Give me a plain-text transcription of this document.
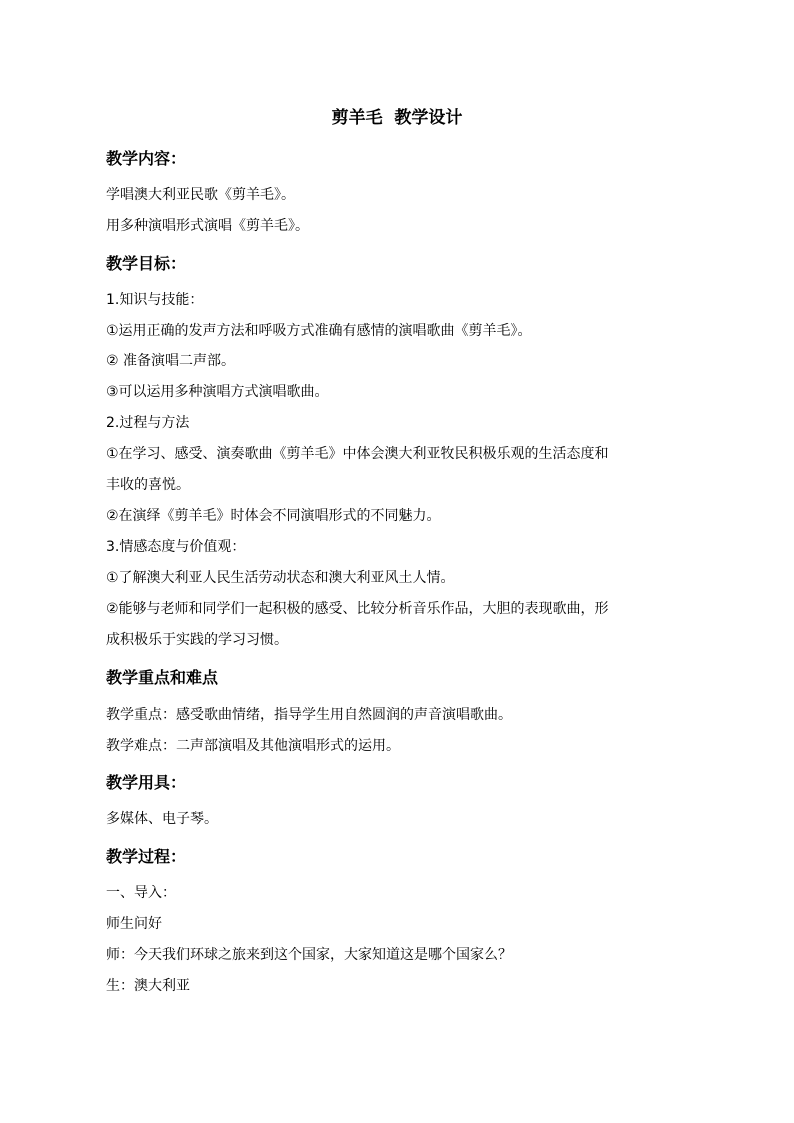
剪羊毛  教学设计
教学内容：
学唱澳大利亚民歌《剪羊毛》。
用多种演唱形式演唱《剪羊毛》。
教学目标：
1.知识与技能：
①运用正确的发声方法和呼吸方式准确有感情的演唱歌曲《剪羊毛》。
② 准备演唱二声部。
③可以运用多种演唱方式演唱歌曲。
2.过程与方法
①在学习、感受、演奏歌曲《剪羊毛》中体会澳大利亚牧民积极乐观的生活态度和
丰收的喜悦。
②在演绎《剪羊毛》时体会不同演唱形式的不同魅力。
3.情感态度与价值观：
①了解澳大利亚人民生活劳动状态和澳大利亚风土人情。
②能够与老师和同学们一起积极的感受、比较分析音乐作品，大胆的表现歌曲，形
成积极乐于实践的学习习惯。
教学重点和难点
教学重点：感受歌曲情绪，指导学生用自然圆润的声音演唱歌曲。
教学难点：二声部演唱及其他演唱形式的运用。
教学用具：
多媒体、电子琴。
教学过程：
一、导入：
师生问好
师：今天我们环球之旅来到这个国家，大家知道这是哪个国家么？
生：澳大利亚
